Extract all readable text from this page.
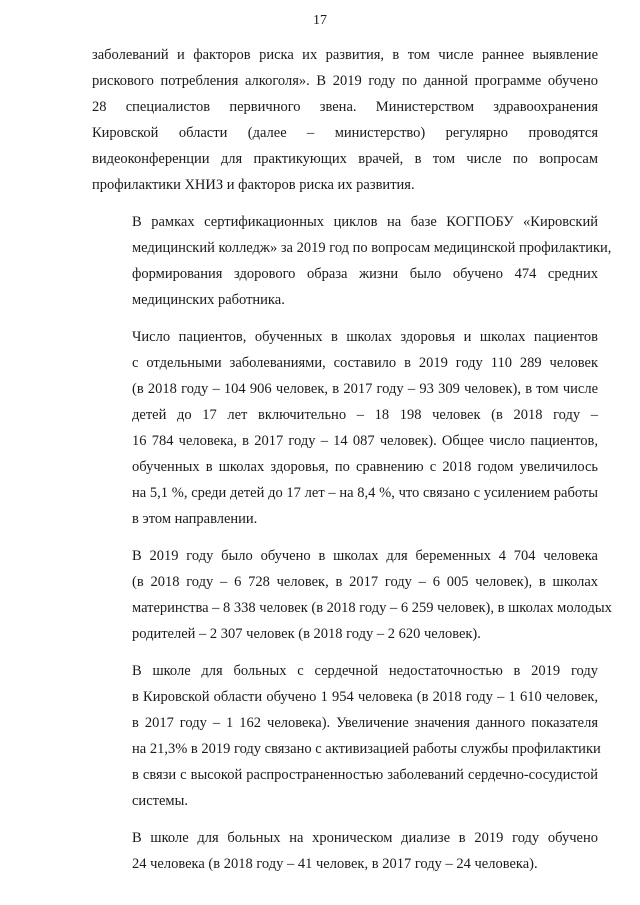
17

заболеваний и факторов риска их развития, в том числе раннее выявление
рискового потребления алкоголя». В 2019 году по данной программе обучено
28 специалистов первичного звена. Министерством здравоохранения
Кировской области (далее – министерство) регулярно проводятся
видеоконференции для практикующих врачей, в том числе по вопросам
профилактики ХНИЗ и факторов риска их развития.

В рамках сертификационных циклов на базе КОГПОБУ «Кировский
медицинский колледж» за 2019 год по вопросам медицинской профилактики,
формирования здорового образа жизни было обучено 474 средних
медицинских работника.

Число пациентов, обученных в школах здоровья и школах пациентов
с отдельными заболеваниями, составило в 2019 году 110 289 человек
(в 2018 году – 104 906 человек, в 2017 году – 93 309 человек), в том числе
детей до 17 лет включительно – 18 198 человек (в 2018 году –
16 784 человека, в 2017 году – 14 087 человек). Общее число пациентов,
обученных в школах здоровья, по сравнению с 2018 годом увеличилось
на 5,1 %, среди детей до 17 лет – на 8,4 %, что связано с усилением работы
в этом направлении.

В 2019 году было обучено в школах для беременных 4 704 человека
(в 2018 году – 6 728 человек, в 2017 году – 6 005 человек), в школах
материнства – 8 338 человек (в 2018 году – 6 259 человек), в школах молодых
родителей – 2 307 человек (в 2018 году – 2 620 человек).

В школе для больных с сердечной недостаточностью в 2019 году
в Кировской области обучено 1 954 человека (в 2018 году – 1 610 человек,
в 2017 году – 1 162 человека). Увеличение значения данного показателя
на 21,3% в 2019 году связано с активизацией работы службы профилактики
в связи с высокой распространенностью заболеваний сердечно-сосудистой
системы.

В школе для больных на хроническом диализе в 2019 году обучено
24 человека (в 2018 году – 41 человек, в 2017 году – 24 человека).
